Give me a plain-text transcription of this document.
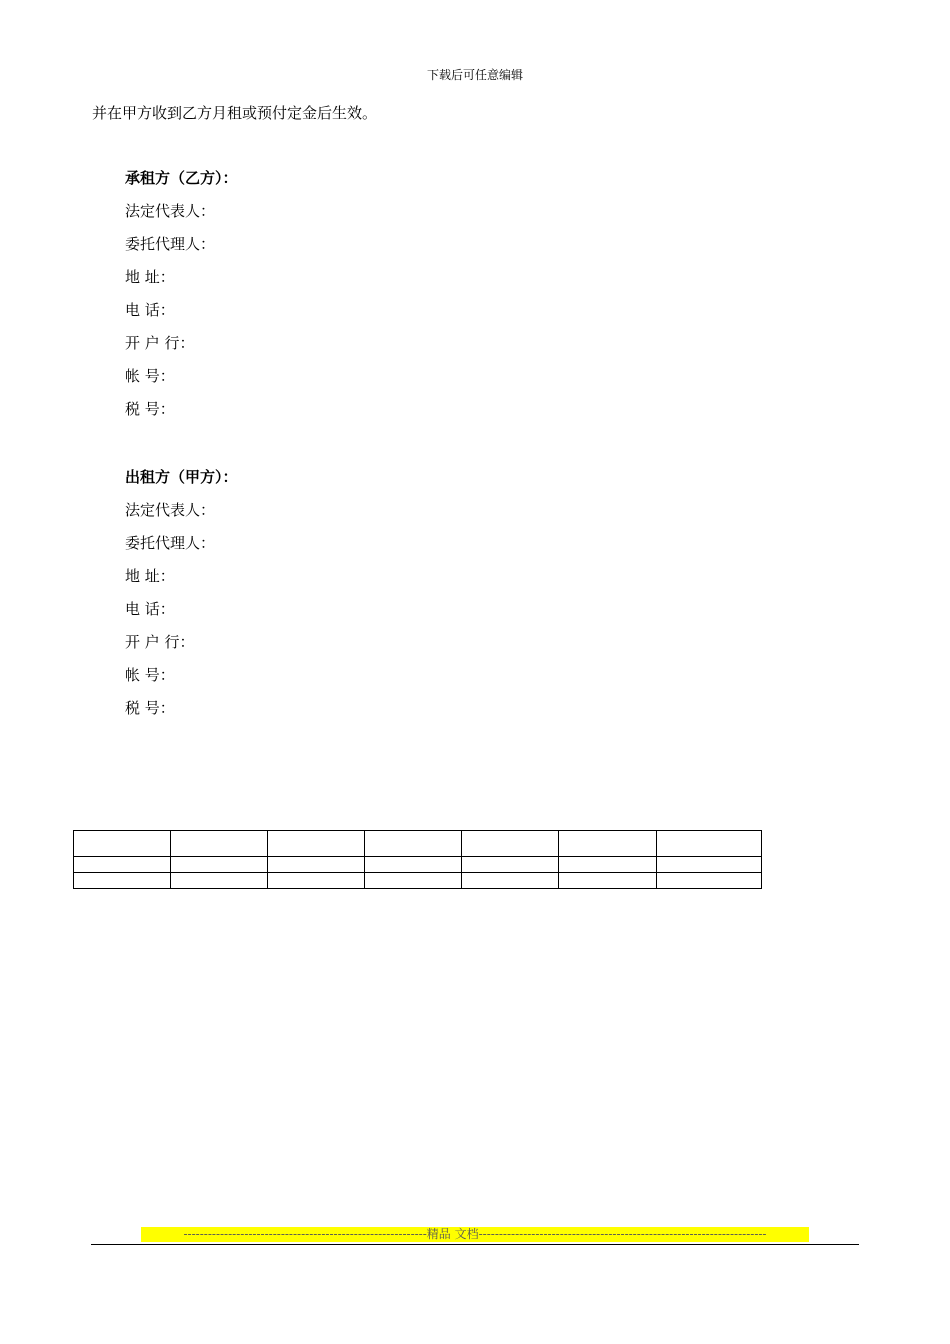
下载后可任意编辑
并在甲方收到乙方月租或预付定金后生效。
承租方（乙方）：
法定代表人：
委托代理人：
地 址：
电 话：
开 户 行：
帐 号：
税 号：
出租方（甲方）：
法定代表人：
委托代理人：
地 址：
电 话：
开 户 行：
帐 号：
税 号：

------------------------------------------------------------精品 文档-----------------------------------------------------------------------
